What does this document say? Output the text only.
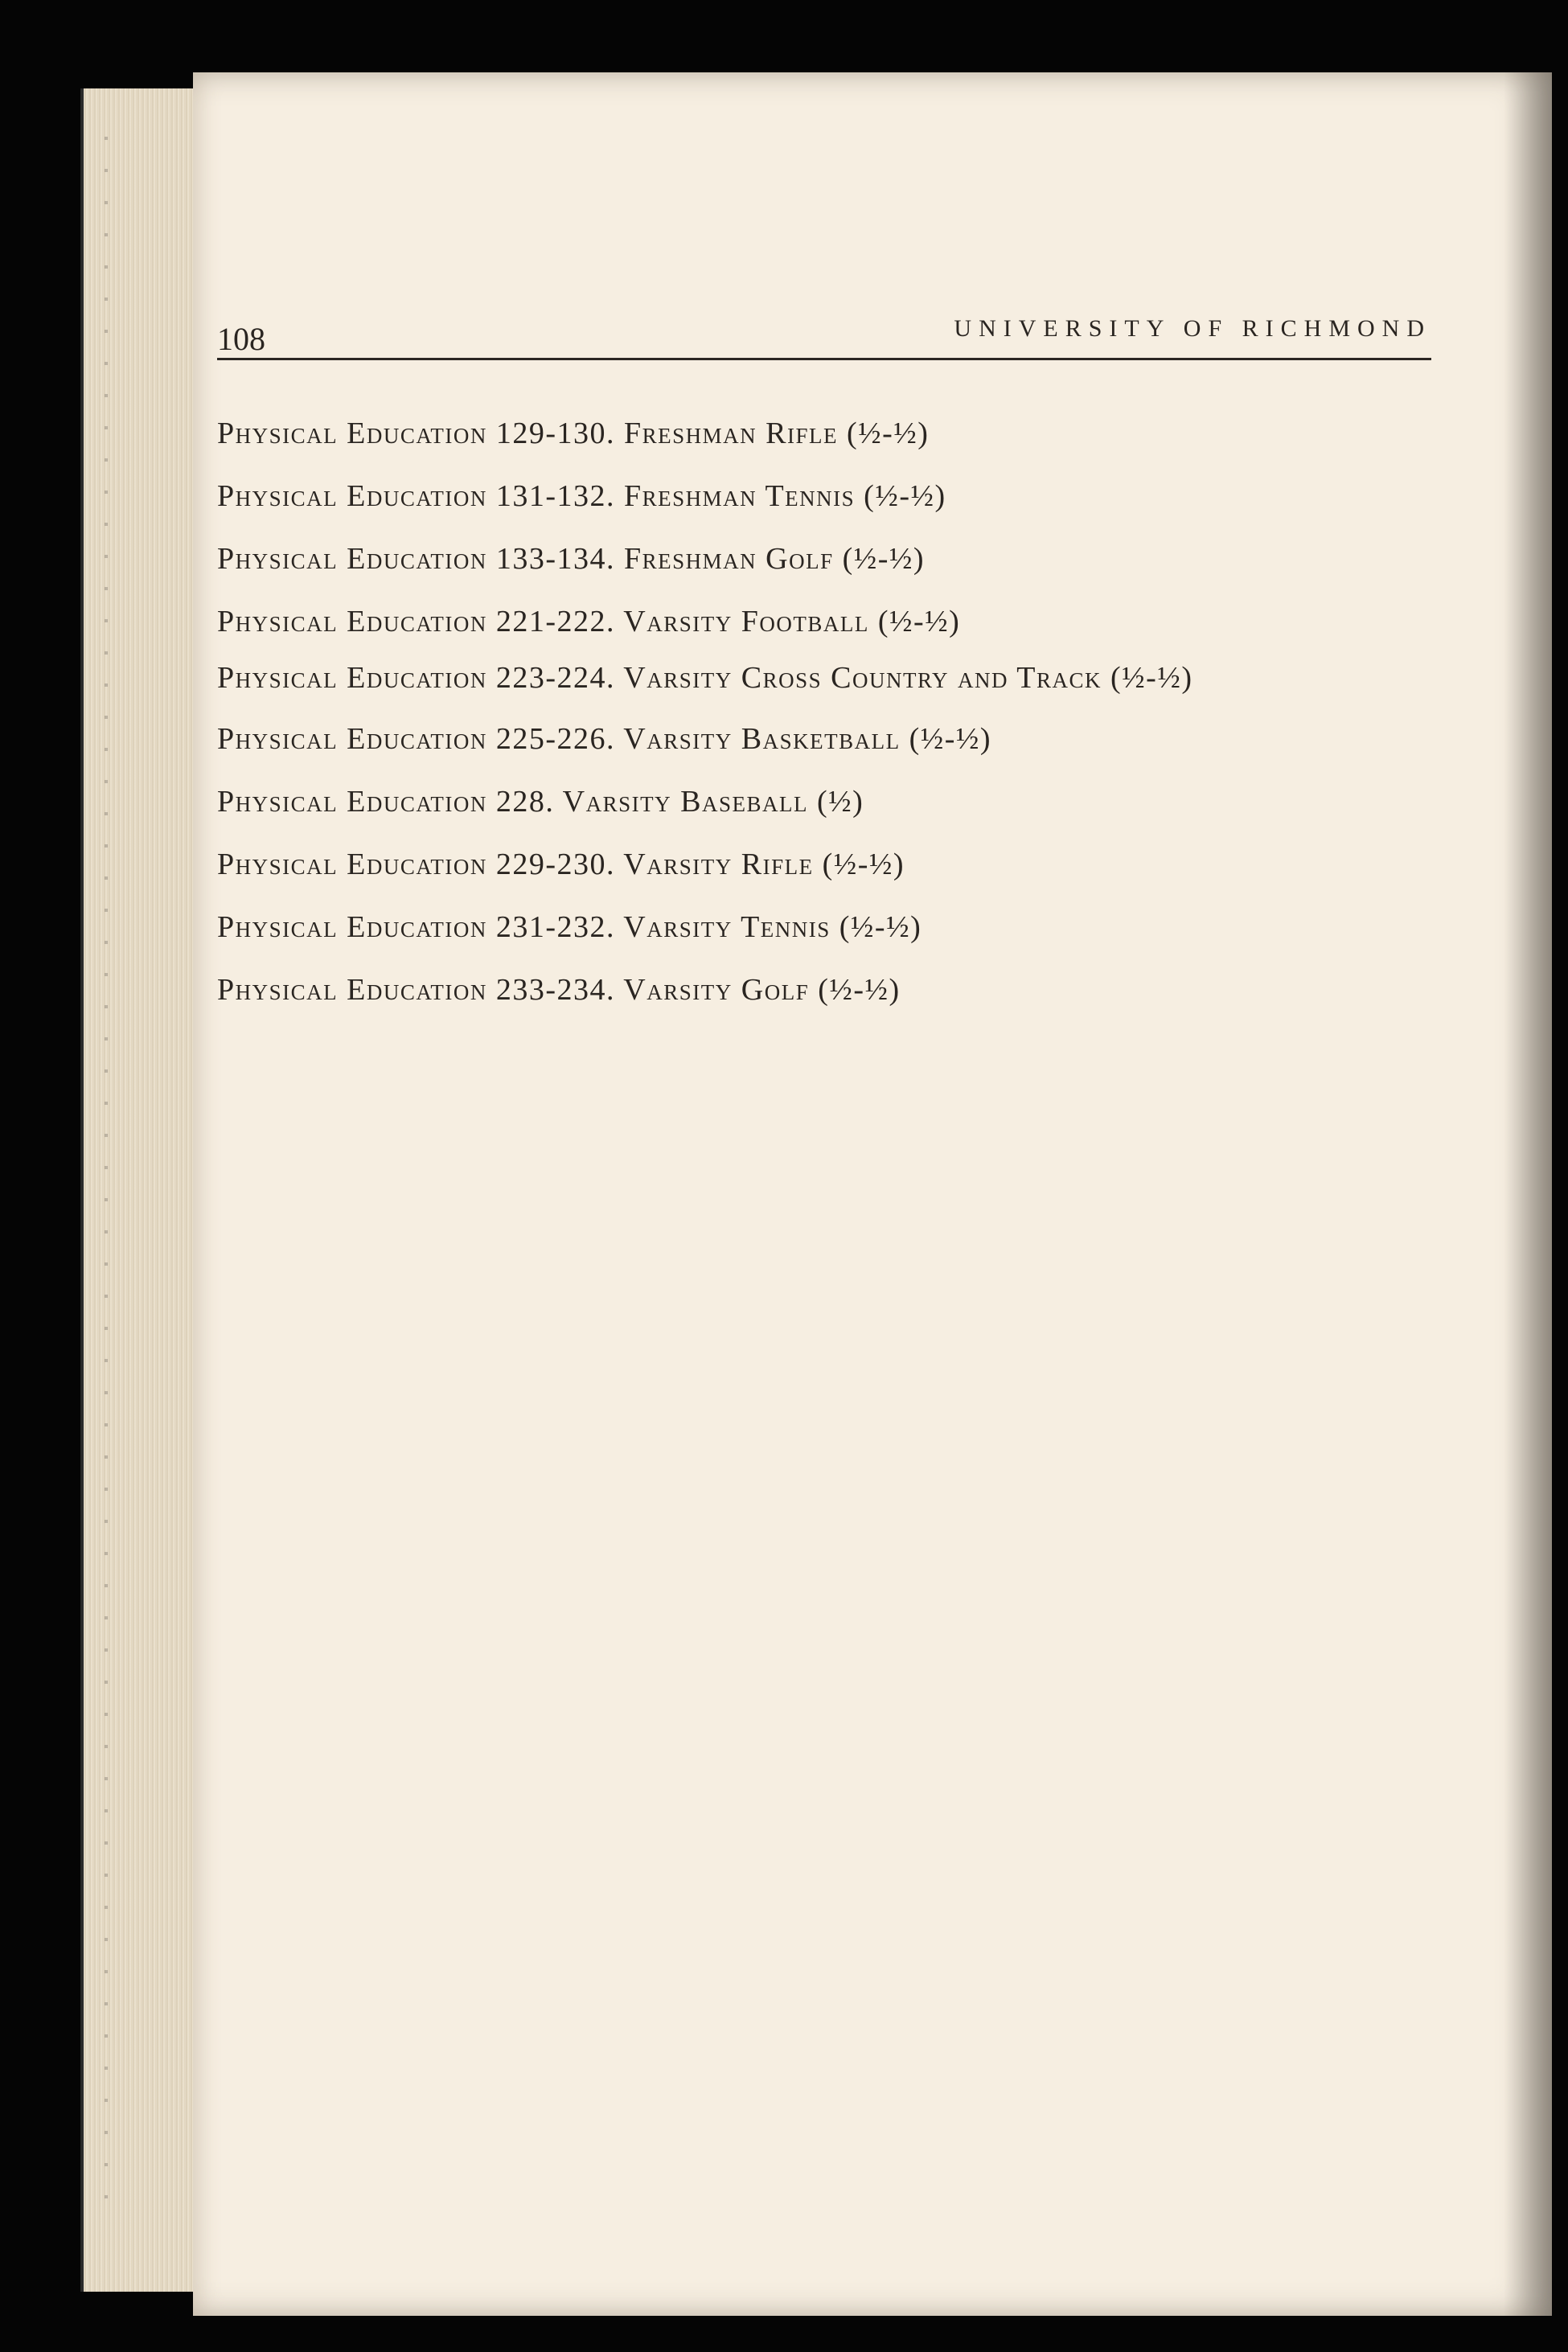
108	UNIVERSITY OF RICHMOND

Physical Education 129-130. Freshman Rifle (½-½)

Physical Education 131-132. Freshman Tennis (½-½)

Physical Education 133-134. Freshman Golf (½-½)

Physical Education 221-222. Varsity Football (½-½)

Physical Education 223-224. Varsity Cross Country and Track (½-½)

Physical Education 225-226. Varsity Basketball (½-½)

Physical Education 228. Varsity Baseball (½)

Physical Education 229-230. Varsity Rifle (½-½)

Physical Education 231-232. Varsity Tennis (½-½)

Physical Education 233-234. Varsity Golf (½-½)
